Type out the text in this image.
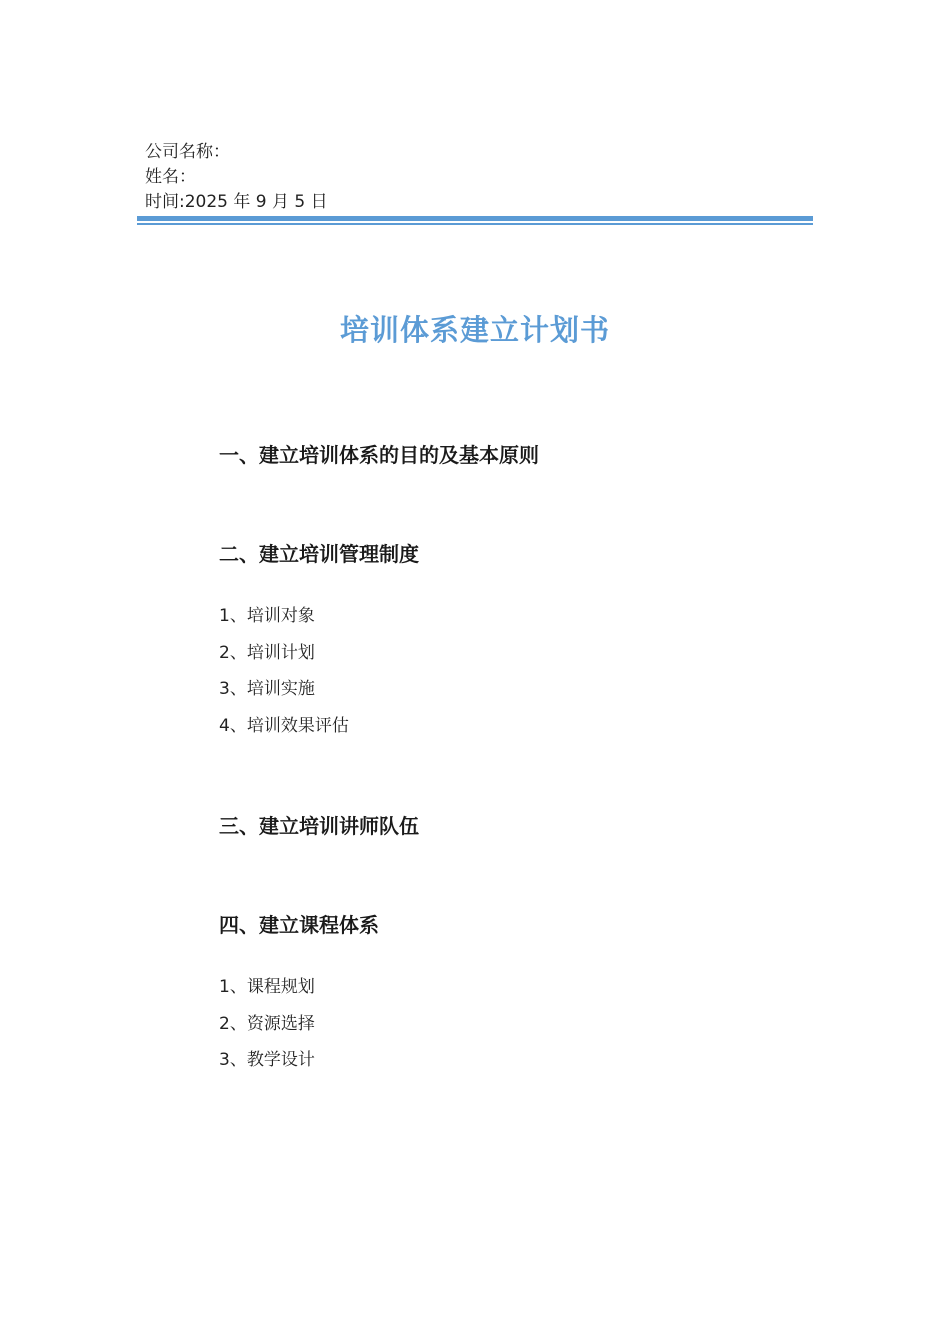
公司名称：
姓名：
时间:2025 年 9 月 5 日
培训体系建立计划书
一、建立培训体系的目的及基本原则
二、建立培训管理制度
1、培训对象
2、培训计划
3、培训实施
4、培训效果评估
三、建立培训讲师队伍
四、建立课程体系
1、课程规划
2、资源选择
3、教学设计
